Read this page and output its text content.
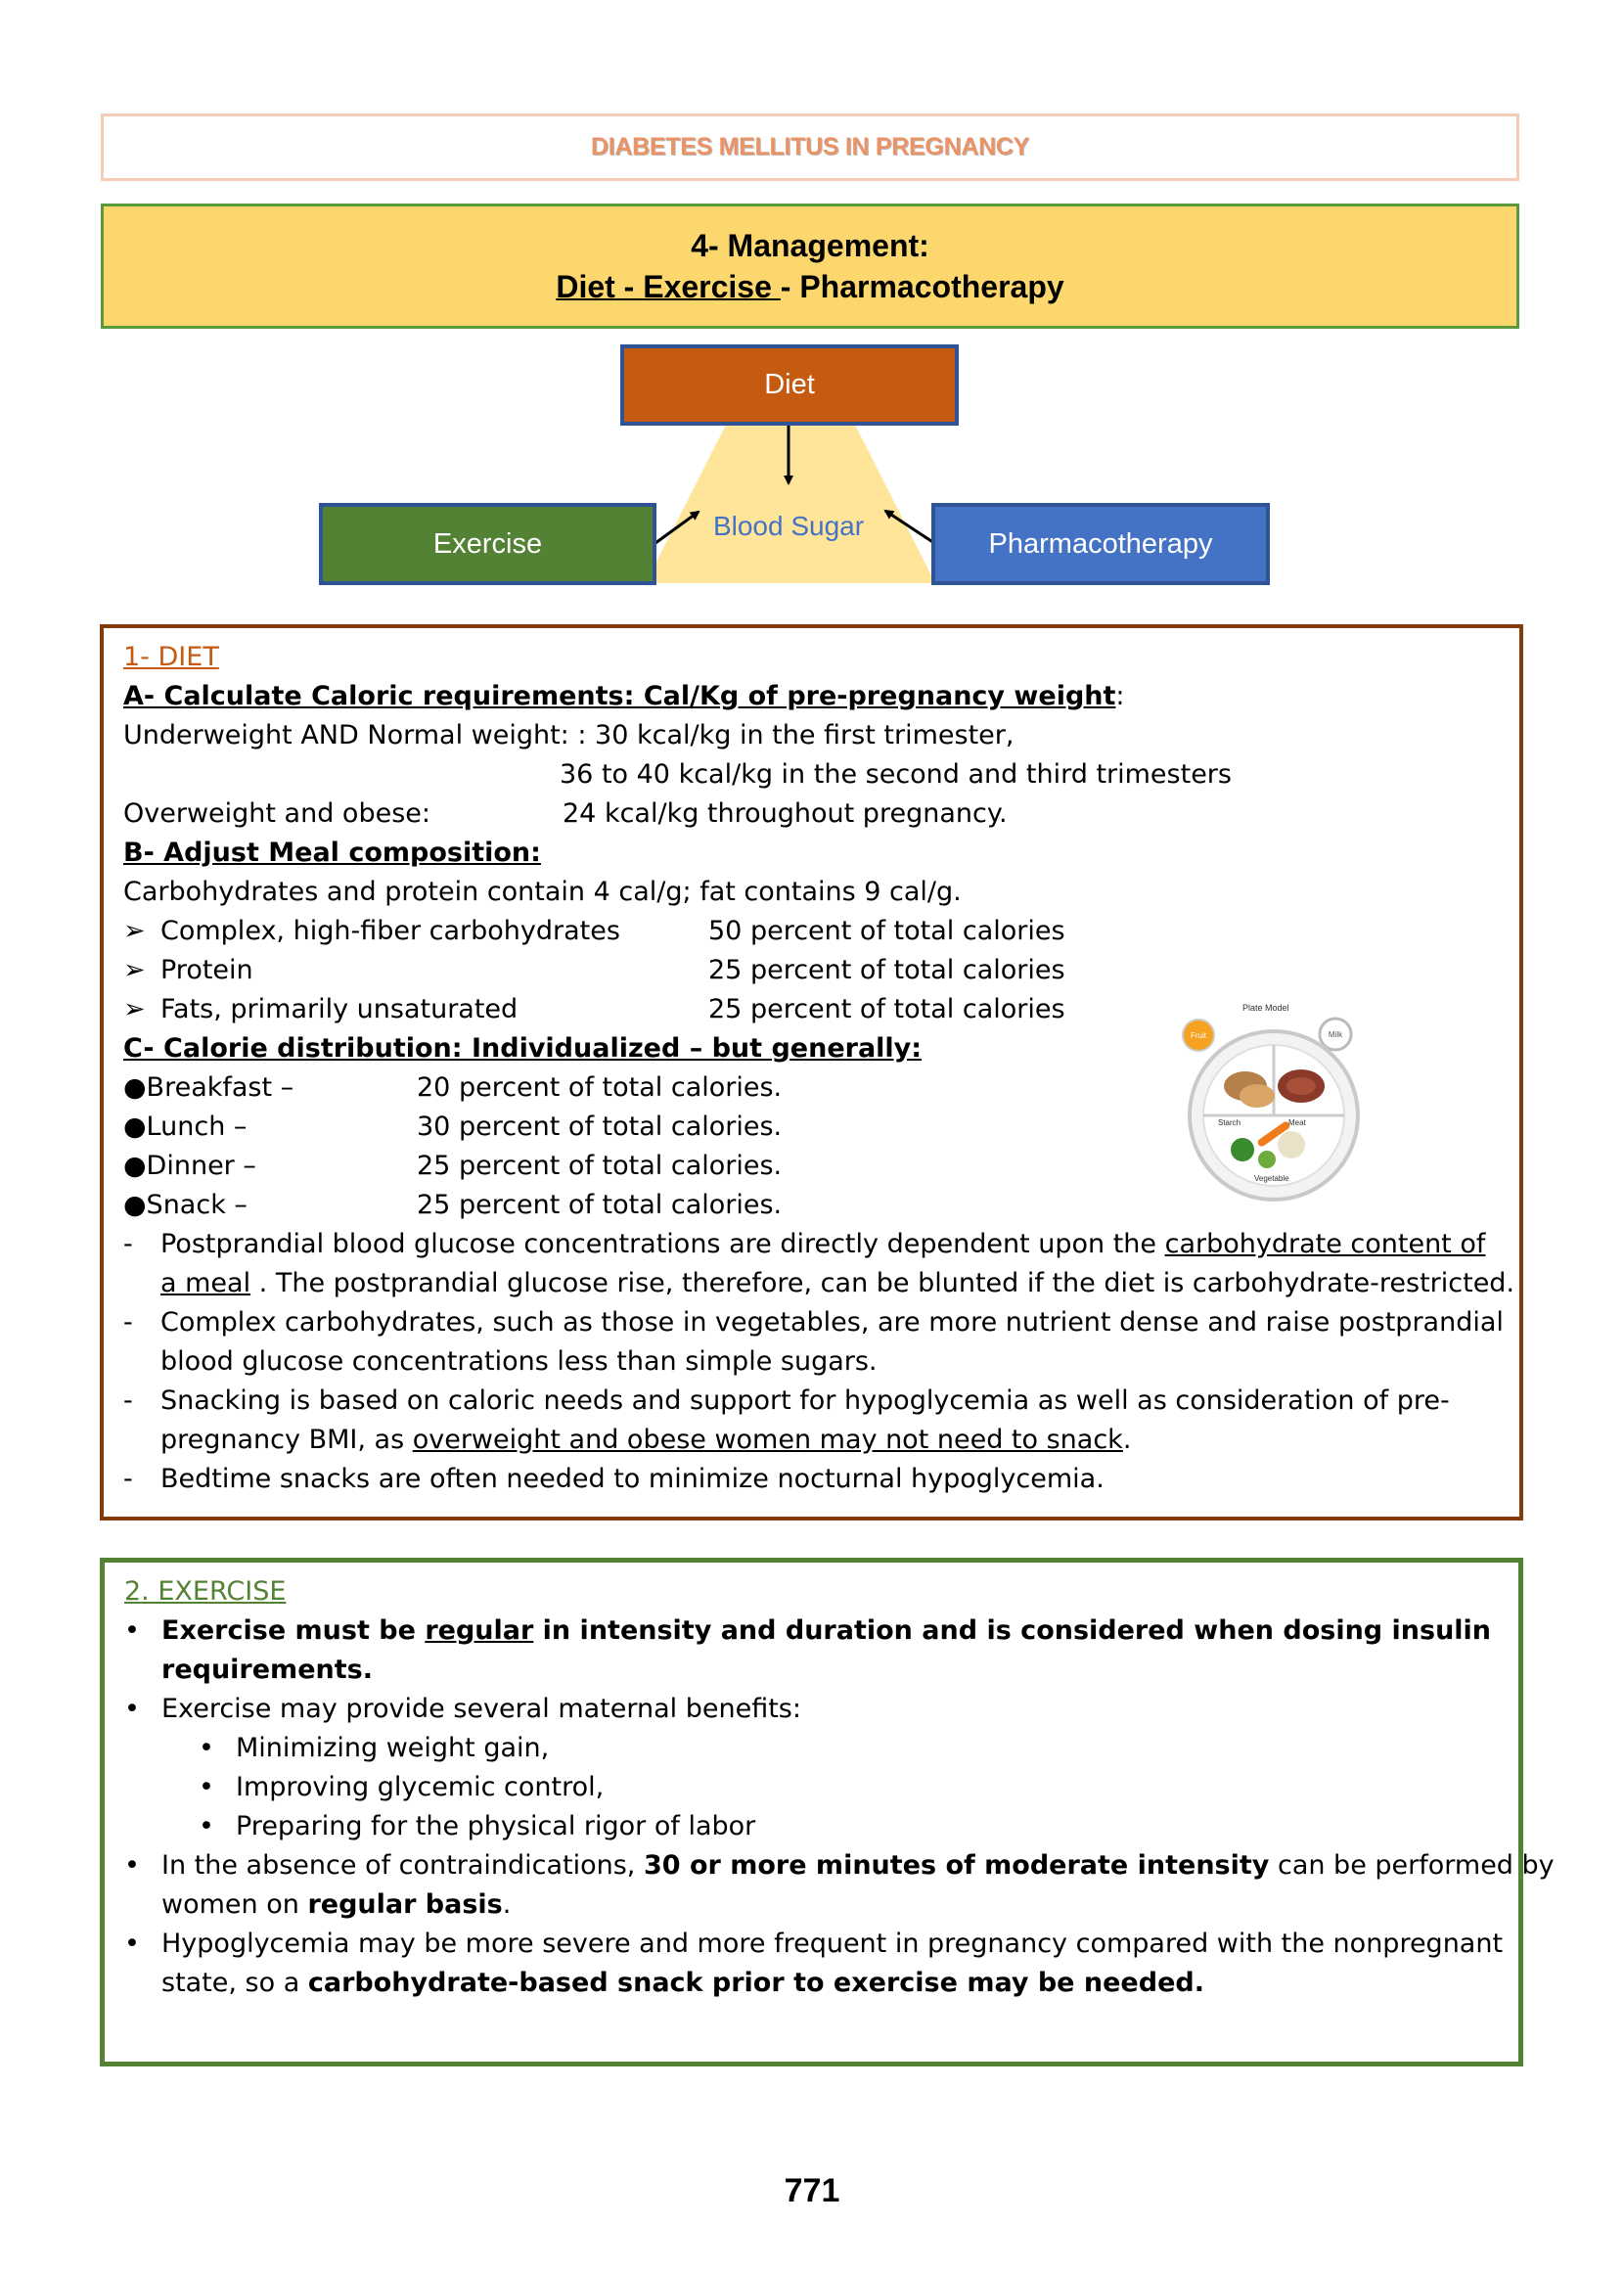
DIABETES MELLITUS IN PREGNANCY
4- Management:
Diet - Exercise - Pharmacotherapy
Diet
Exercise	Pharmacotherapy
Blood Sugar

1- DIET

A- Calculate Caloric requirements: Cal/Kg of pre-pregnancy weight:

Underweight AND Normal weight: : 30 kcal/kg in the first trimester,

36 to 40 kcal/kg in the second and third trimesters

Overweight and obese:	24 kcal/kg throughout pregnancy.

B- Adjust Meal composition:

Carbohydrates and protein contain 4 cal/g; fat contains 9 cal/g.

➢ Complex, high-fiber carbohydrates	50 percent of total calories

➢ Protein	25 percent of total calories

➢ Fats, primarily unsaturated	25 percent of total calories

C- Calorie distribution: Individualized – but generally:

●Breakfast –	20 percent of total calories.

●Lunch –	30 percent of total calories.

●Dinner –	25 percent of total calories.

●Snack –	25 percent of total calories.

-	Postprandial blood glucose concentrations are directly dependent upon the carbohydrate content of

a meal . The postprandial glucose rise, therefore, can be blunted if the diet is carbohydrate-restricted.

-	Complex carbohydrates, such as those in vegetables, are more nutrient dense and raise postprandial

blood glucose concentrations less than simple sugars.

-	Snacking is based on caloric needs and support for hypoglycemia as well as consideration of pre-

pregnancy BMI, as overweight and obese women may not need to snack.

-	Bedtime snacks are often needed to minimize nocturnal hypoglycemia.

Plate Model
Fruit	Milk
Starch	Meat
Vegetable

2. EXERCISE

• Exercise must be regular in intensity and duration and is considered when dosing insulin

requirements.

• Exercise may provide several maternal benefits:

• Minimizing weight gain,

• Improving glycemic control,

• Preparing for the physical rigor of labor

• In the absence of contraindications, 30 or more minutes of moderate intensity can be performed by

women on regular basis.

• Hypoglycemia may be more severe and more frequent in pregnancy compared with the nonpregnant

state, so a carbohydrate-based snack prior to exercise may be needed.

771
